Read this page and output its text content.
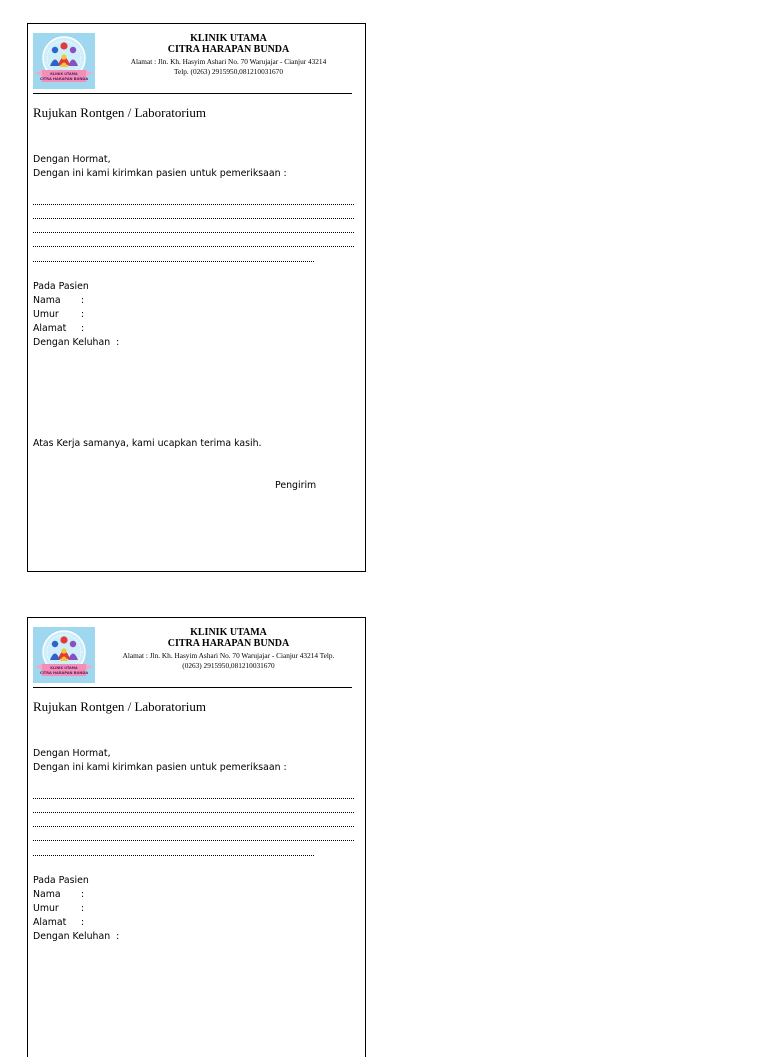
KLINIK UTAMA
CITRA HARAPAN BUNDA
KLINIK UTAMA
CITRA HARAPAN BUNDA
Alamat : Jln. Kh. Hasyim Ashari No. 70 Warujajar - Cianjur 43214
Telp. (0263) 2915950,081210031670
Rujukan Rontgen / Laboratorium
Dengan Hormat,
Dengan ini kami kirimkan pasien untuk pemeriksaan :
Pada Pasien
Nama :
Umur :
Alamat :
Dengan Keluhan :
Atas Kerja samanya, kami ucapkan terima kasih.
Pengirim
KLINIK UTAMA
CITRA HARAPAN BUNDA
KLINIK UTAMA
CITRA HARAPAN BUNDA
Alamat : Jln. Kh. Hasyim Ashari No. 70 Warujajar - Cianjur 43214 Telp.
(0263) 2915950,081210031670
Rujukan Rontgen / Laboratorium
Dengan Hormat,
Dengan ini kami kirimkan pasien untuk pemeriksaan :
Pada Pasien
Nama :
Umur :
Alamat :
Dengan Keluhan :
